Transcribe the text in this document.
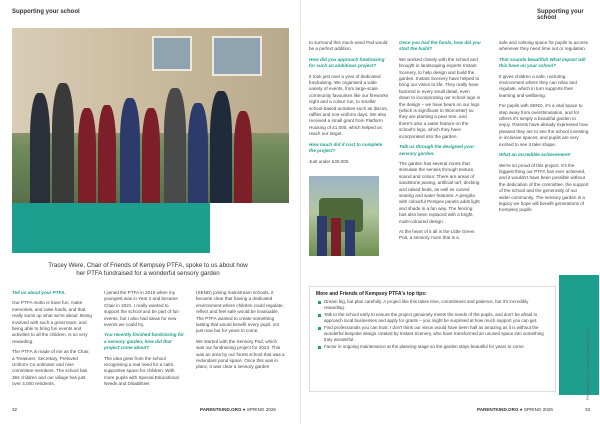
Supporting your school
Tracey Were, Chair of Friends of Kempsey PTFA, spoke to us about how her PTFA fundraised for a wonderful sensory garden

Tell us about your PTFA.

Our PTFA motto is have fun, make memories, and raise funds, and that really sums up what we're about. Being involved with such a great team, and being able to bring fun events and activities to all the children, is so very rewarding.

The PTFA is made of me as the Chair, a Treasurer, Secretary, Preloved Uniform Co-ordinator and nine committee members. The school has 384 children and our village has just over 4,000 residents.

I joined the PTFA in 2019 when my youngest was in Year 2 and became Chair in 2021. I really wanted to support the school and be part of fun events, but I also had ideas for new events we could try.

You recently finished fundraising for a sensory garden, how did that project come about?

The idea grew from the school recognising a real need for a calm, supportive space for children. With more pupils with Special Educational Needs and Disabilities

(SEND) joining mainstream schools, it became clear that having a dedicated environment where children could regulate, reflect and feel safe would be invaluable. The PTFA wanted to create something lasting that would benefit every pupil, not just now but for years to come.

We started with the Sensory Pod, which was our fundraising project for 2023. This was an area by our forest school that was a redundant pond space. Once this was in place, it was clear a sensory garden

32	PARENTKIND.ORG ● SPRING 2026
Supporting your school

to surround this much-used Pod would be a perfect addition.

How did you approach fundraising for such an ambitious project?

It took just over a year of dedicated fundraising. We organised a wide variety of events, from large-scale community favourites like our fireworks night and a colour run, to smaller school-based activities such as discos, raffles and non-uniform days. We also received a small grant from Platform Housing of £1,000, which helped us reach our target.

How much did it cost to complete the project?

Just under £30,000.

Once you had the funds, how did you start the build?

We worked closely with the school and brought in landscaping experts Instant Scenery, to help design and build the garden. Instant Scenery have helped to bring our vision to life. They really have factored in every small detail, even down to incorporating our school logo in the design – we have bears on our logo (which is significant to Worcester) so they are planting a pear tree, and there's also a water feature on the school's logo, which they have incorporated into the garden.

Talk us through the designed your sensory garden.

The garden has several zones that stimulate the senses through texture, sound and colour. There are areas of sandstone paving, artificial turf, decking and raised beds, as well as curved seating and water features. A pergola with colourful Perspex panels adds light and shade in a fun way. The fencing has also been replaced with a bright, multi-coloured design.

At the heart of it all is the Little Green Pod, a sensory room that is a

safe and calming space for pupils to access whenever they need time out or regulation.

That sounds beautiful! What impact will this have on your school?

It gives children a safe, nurturing environment where they can relax and regulate, which in turn supports their learning and wellbeing.

For pupils with SEND, it's a vital space to step away from overstimulation, and for others it's simply a beautiful garden to enjoy. Parents have already expressed how pleased they are to see the school investing in inclusive spaces, and pupils are very excited to see it take shape.

What an incredible achievement!

We're so proud of this project. It's the biggest thing our PTFA has ever achieved, and it wouldn't have been possible without the dedication of the committee, the support of the school and the generosity of our wider community. The sensory garden is a legacy we hope will benefit generations of Kempsey pupils.

More and Friends of Kempsey PTFA's top tips:
Dream big, but plan carefully. A project like this takes time, commitment and patience, but it's incredibly rewarding.
Talk to the school early to ensure the project genuinely meets the needs of the pupils, and don't be afraid to approach local businesses and apply for grants – you might be surprised at how much support you can get.
Find professionals you can trust. I don't think our vision would have been half as amazing as it is without the wonderful bespoke design created by Instant Scenery, who have transformed an unused space into something truly wonderful.
Factor in ongoing maintenance at the planning stage so the garden stays beautiful for years to come.	Photography: Friends of Kempsey PTFA
PARENTKIND.ORG ● SPRING 2026	33
